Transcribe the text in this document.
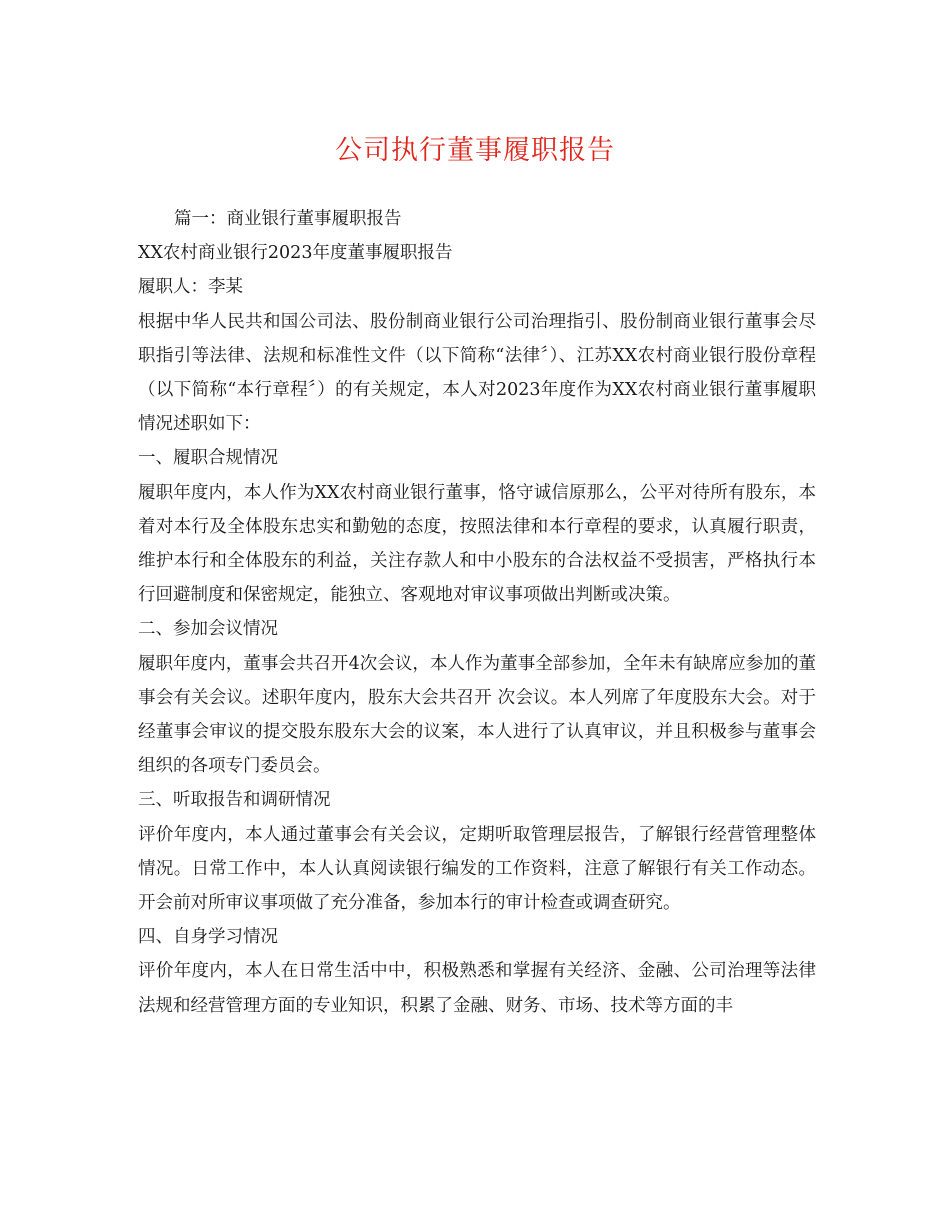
公司执行董事履职报告
篇一：商业银行董事履职报告
XX农村商业银行2023年度董事履职报告
履职人：李某
根据中华人民共和国公司法、股份制商业银行公司治理指引、股份制商业银行董事会尽职指引等法律、法规和标准性文件（以下简称“法律〞）、江苏XX农村商业银行股份章程（以下简称“本行章程〞）的有关规定，本人对2023年度作为XX农村商业银行董事履职情况述职如下：
一、履职合规情况
履职年度内，本人作为XX农村商业银行董事，恪守诚信原那么，公平对待所有股东，本着对本行及全体股东忠实和勤勉的态度，按照法律和本行章程的要求，认真履行职责，维护本行和全体股东的利益，关注存款人和中小股东的合法权益不受损害，严格执行本行回避制度和保密规定，能独立、客观地对审议事项做出判断或决策。
二、参加会议情况
履职年度内，董事会共召开4次会议，本人作为董事全部参加，全年未有缺席应参加的董事会有关会议。述职年度内，股东大会共召开 次会议。本人列席了年度股东大会。对于经董事会审议的提交股东股东大会的议案，本人进行了认真审议，并且积极参与董事会组织的各项专门委员会。
三、听取报告和调研情况
评价年度内，本人通过董事会有关会议，定期听取管理层报告，了解银行经营管理整体情况。日常工作中，本人认真阅读银行编发的工作资料，注意了解银行有关工作动态。开会前对所审议事项做了充分准备，参加本行的审计检查或调查研究。
四、自身学习情况
评价年度内，本人在日常生活中中，积极熟悉和掌握有关经济、金融、公司治理等法律法规和经营管理方面的专业知识，积累了金融、财务、市场、技术等方面的丰
